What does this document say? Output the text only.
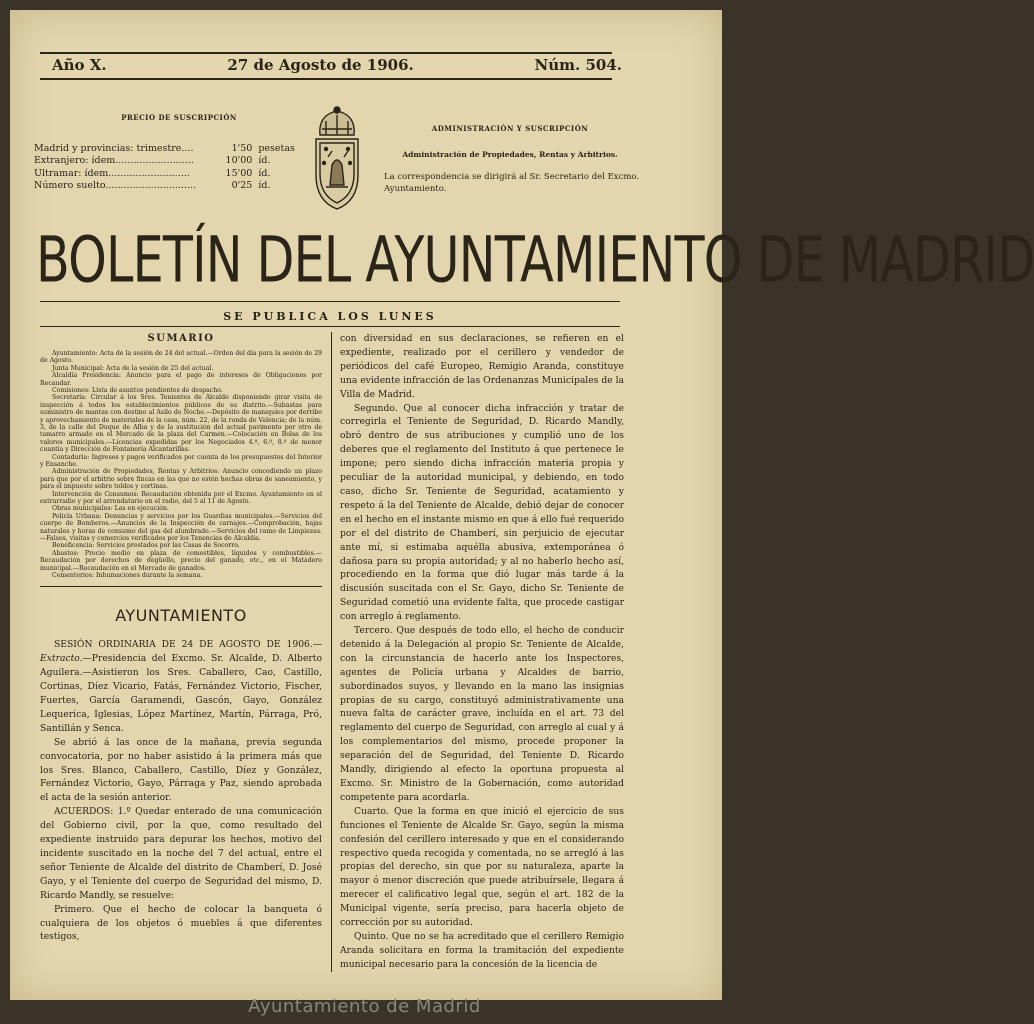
Año X.	27 de Agosto de 1906.	Núm. 504.
PRECIO DE SUSCRIPCIÓN
Madrid y provincias: trimestre....	1'50 pesetas
Extranjero: ídem..........................	10'00 íd.
Ultramar: ídem...........................	15'00 íd.
Número suelto..............................	0'25 íd.
ADMINISTRACIÓN Y SUSCRIPCIÓN
Administración de Propiedades, Rentas y Arbitrios.
La correspondencia se dirigirá al Sr. Secretario del Excmo. Ayuntamiento.
BOLETÍN DEL AYUNTAMIENTO DE MADRID
SE PUBLICA LOS LUNES
SUMARIO

Ayuntamiento: Acta de la sesión de 24 del actual.—Orden del día para la sesión de 29 de Agosto.

Junta Municipal: Acta de la sesión de 25 del actual.

Alcaldía Presidencia: Anuncio para el pago de intereses de Obligaciones por Recaudar.

Comisiones: Lista de asuntos pendientes de despacho.

Secretaría: Circular á los Sres. Tenientes de Alcalde disponiendo girar visita de inspección á todos los establecimientos públicos de su distrito.—Subastas para suministro de mantas con destino al Asilo de Noche.—Depósito de maniquíes por derribo y aprovechamiento de materiales de la casa, núm. 22, de la ronda de Valencia; de la núm. 3, de la calle del Duque de Alba y de la sustitución del actual pavimento por otro de tamarro armado en el Mercado de la plaza del Carmen.—Colocación en Bolsa de los valores municipales.—Licencias expedidas por los Negociados 4.º, 6.º, 8.º de menor cuantía y Dirección de Fontanería Alcantarillas.

Contaduría: Ingresos y pagos verificados por cuenta de los presupuestos del Interior y Ensanche.

Administración de Propiedades, Rentas y Arbitrios: Anuncio concediendo un plazo para que por el arbitrio sobre fincas en las que no estén hechas obras de saneamiento, y para el impuesto sobre toldos y cortinas.

Intervención de Consumos: Recaudación obtenida por el Excmo. Ayuntamiento en el extrarradio y por el arrendatario en el radio, del 5 al 11 de Agosto.

Obras municipales: Las en ejecución.

Policía Urbana: Denuncias y servicios por los Guardias municipales.—Servicios del cuerpo de Bomberos.—Anuncios de la Inspección de carnajes.—Comprobación, bajas naturales y horas de consumo del gas del alumbrado.—Servicios del ramo de Limpiezas.—Falsos, visitas y comercios verificados por los Tenencias de Alcaldía.

Beneficencia: Servicios prestados por las Casas de Socorro.

Abastos: Precio medio en plaza de comestibles, líquidos y combustibles.—Recaudación por derechos de degüello, precio del ganado, etc., en el Matadero municipal.—Recaudación en el Mercado de ganados.

Cementerios: Inhumaciones durante la semana.

AYUNTAMIENTO

SESIÓN ORDINARIA DE 24 DE AGOSTO DE 1906.—Extracto.—Presidencia del Excmo. Sr. Alcalde, D. Alberto Aguilera.—Asistieron los Sres. Caballero, Cao, Castillo, Cortinas, Díez Vicario, Fatás, Fernández Victorio, Fischer, Fuertes, García Garamendi, Gascón, Gayo, González Lequerica, Iglesias, López Martínez, Martín, Párraga, Pró, Santillán y Senca.

Se abrió á las once de la mañana, previa segunda convocatoria, por no haber asistido á la primera más que los Sres. Blanco, Caballero, Castillo, Díez y González, Fernández Victorio, Gayo, Párraga y Paz, siendo aprobada el acta de la sesión anterior.

ACUERDOS: 1.º Quedar enterado de una comunicación del Gobierno civil, por la que, como resultado del expediente instruido para depurar los hechos, motivo del incidente suscitado en la noche del 7 del actual, entre el señor Teniente de Alcalde del distrito de Chamberí, D. José Gayo, y el Teniente del cuerpo de Seguridad del mismo, D. Ricardo Mandly, se resuelve:

Primero. Que el hecho de colocar la banqueta ó cualquiera de los objetos ó muebles á que diferentes testigos,

con diversidad en sus declaraciones, se refieren en el expediente, realizado por el cerillero y vendedor de periódicos del café Europeo, Remigio Aranda, constituye una evidente infracción de las Ordenanzas Municipales de la Villa de Madrid.

Segundo. Que al conocer dicha infracción y tratar de corregirla el Teniente de Seguridad, D. Ricardo Mandly, obró dentro de sus atribuciones y cumplió uno de los deberes que el reglamento del Instituto á que pertenece le impone; pero siendo dicha infracción materia propia y peculiar de la autoridad municipal, y debiendo, en todo caso, dicho Sr. Teniente de Seguridad, acatamiento y respeto á la del Teniente de Alcalde, debió dejar de conocer en el hecho en el instante mismo en que á ello fué requerido por el del distrito de Chamberí, sin perjuicio de ejecutar ante mí, si estimaba aquélla abusiva, extemporánea ó dañosa para su propia autoridad; y al no haberlo hecho así, procediendo en la forma que dió lugar más tarde á la discusión suscitada con el Sr. Gayo, dicho Sr. Teniente de Seguridad cometió una evidente falta, que procede castigar con arreglo á reglamento.

Tercero. Que después de todo ello, el hecho de conducir detenido á la Delegación al propio Sr. Teniente de Alcalde, con la circunstancia de hacerlo ante los Inspectores, agentes de Policía urbana y Alcaldes de barrio, subordinados suyos, y llevando en la mano las insignias propias de su cargo, constituyó administrativamente una nueva falta de carácter grave, incluída en el art. 73 del reglamento del cuerpo de Seguridad, con arreglo al cual y á los complementarios del mismo, procede proponer la separación del de Seguridad, del Teniente D. Ricardo Mandly, dirigiendo al efecto la oportuna propuesta al Excmo. Sr. Ministro de la Gobernación, como autoridad competente para acordarla.

Cuarto. Que la forma en que inició el ejercicio de sus funciones el Teniente de Alcalde Sr. Gayo, según la misma confesión del cerillero interesado y que en el considerando respectivo queda recogida y comentada, no se arregló á las propias del derecho, sin que por su naturaleza, aparte la mayor ó menor discreción que puede atribuírsele, llegara á merecer el calificativo legal que, según el art. 182 de la Municipal vigente, sería preciso, para hacerla objeto de corrección por su autoridad.

Quinto. Que no se ha acreditado que el cerillero Remigio Aranda solicitara en forma la tramitación del expediente municipal necesario para la concesión de la licencia de

Ayuntamiento de Madrid
